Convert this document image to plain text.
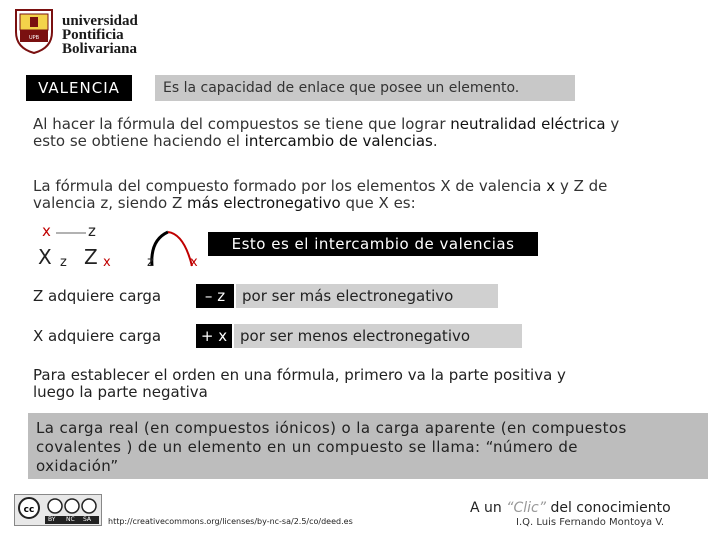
UPB
universidad
Pontificia
Bolivariana
VALENCIA	Es la capacidad de enlace que posee un elemento.
Al hacer la fórmula del compuestos se tiene que lograr neutralidad eléctrica y
esto se obtiene haciendo el intercambio de valencias.
La fórmula del compuesto formado por los elementos X de valencia x y Z de
valencia z, siendo Z más electronegativo que X es:
x z
X z Z x	z	x
Esto es el intercambio de valencias
Z adquiere carga	– z	por ser más electronegativo
X adquiere carga	+ x por ser menos electronegativo
Para establecer el orden en una fórmula, primero va la parte positiva y
luego la parte negativa
La carga real (en compuestos iónicos) o la carga aparente (en compuestos
covalentes ) de un elemento en un compuesto se llama: “número de
oxidación”
cc
BY NC SA http://creativecommons.org/licenses/by-nc-sa/2.5/co/deed.es
A un “Clic” del conocimiento
I.Q. Luis Fernando Montoya V.
